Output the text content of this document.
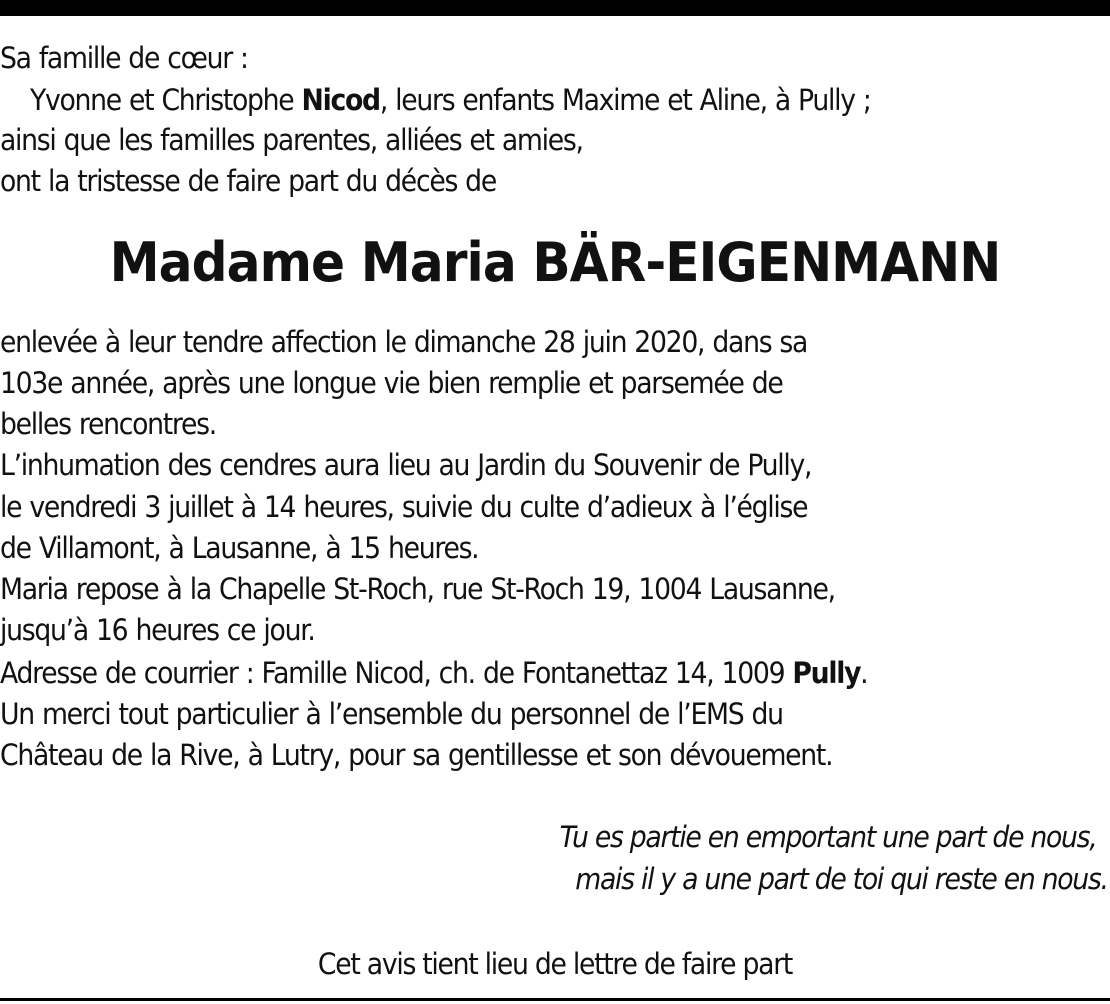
Sa famille de cœur :
Yvonne et Christophe Nicod, leurs enfants Maxime et Aline, à Pully ;
ainsi que les familles parentes, alliées et amies,
ont la tristesse de faire part du décès de
Madame Maria BÄR-EIGENMANN
enlevée à leur tendre affection le dimanche 28 juin 2020, dans sa
103e année, après une longue vie bien remplie et parsemée de
belles rencontres.
L’inhumation des cendres aura lieu au Jardin du Souvenir de Pully,
le vendredi 3 juillet à 14 heures, suivie du culte d’adieux à l’église
de Villamont, à Lausanne, à 15 heures.
Maria repose à la Chapelle St-Roch, rue St-Roch 19, 1004 Lausanne,
jusqu’à 16 heures ce jour.
Adresse de courrier : Famille Nicod, ch. de Fontanettaz 14, 1009 Pully.
Un merci tout particulier à l’ensemble du personnel de l’EMS du
Château de la Rive, à Lutry, pour sa gentillesse et son dévouement.
Tu es partie en emportant une part de nous,
mais il y a une part de toi qui reste en nous.
Cet avis tient lieu de lettre de faire part
